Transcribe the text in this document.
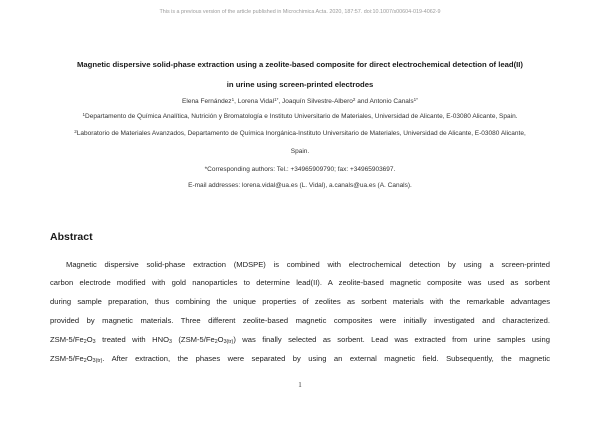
This is a previous version of the article published in Microchimica Acta. 2020, 187:57. doi:10.1007/s00604-019-4062-9
Magnetic dispersive solid-phase extraction using a zeolite-based composite for direct electrochemical detection of lead(II)
in urine using screen-printed electrodes
Elena Fernández$^1$, Lorena Vidal$^{1*}$, Joaquín Silvestre-Albero$^2$ and Antonio Canals$^{1*}$
$^1$Departamento de Química Analítica, Nutrición y Bromatología e Instituto Universitario de Materiales, Universidad de Alicante, E-03080 Alicante, Spain.
$^2$Laboratorio de Materiales Avanzados, Departamento de Química Inorgánica-Instituto Universitario de Materiales, Universidad de Alicante, E-03080 Alicante,
Spain.
*Corresponding authors: Tel.: +34965909790; fax: +34965903697.
E-mail addresses: lorena.vidal@ua.es (L. Vidal), a.canals@ua.es (A. Canals).
Abstract
Magnetic dispersive solid-phase extraction (MDSPE) is combined with electrochemical detection by using a screen-printed
carbon electrode modified with gold nanoparticles to determine lead(II). A zeolite-based magnetic composite was used as sorbent
during sample preparation, thus combining the unique properties of zeolites as sorbent materials with the remarkable advantages
provided by magnetic materials. Three different zeolite-based magnetic composites were initially investigated and characterized.
ZSM-$5/Fe_2O_3$ treated with $HNO_3$ $(ZSM-5/Fe_2O_{3(tr)})$ was finally selected as sorbent. Lead was extracted from urine samples using
ZSM-$5/Fe_2O_{3(tr)}$. After extraction, the phases were separated by using an external magnetic field. Subsequently, the magnetic
1
